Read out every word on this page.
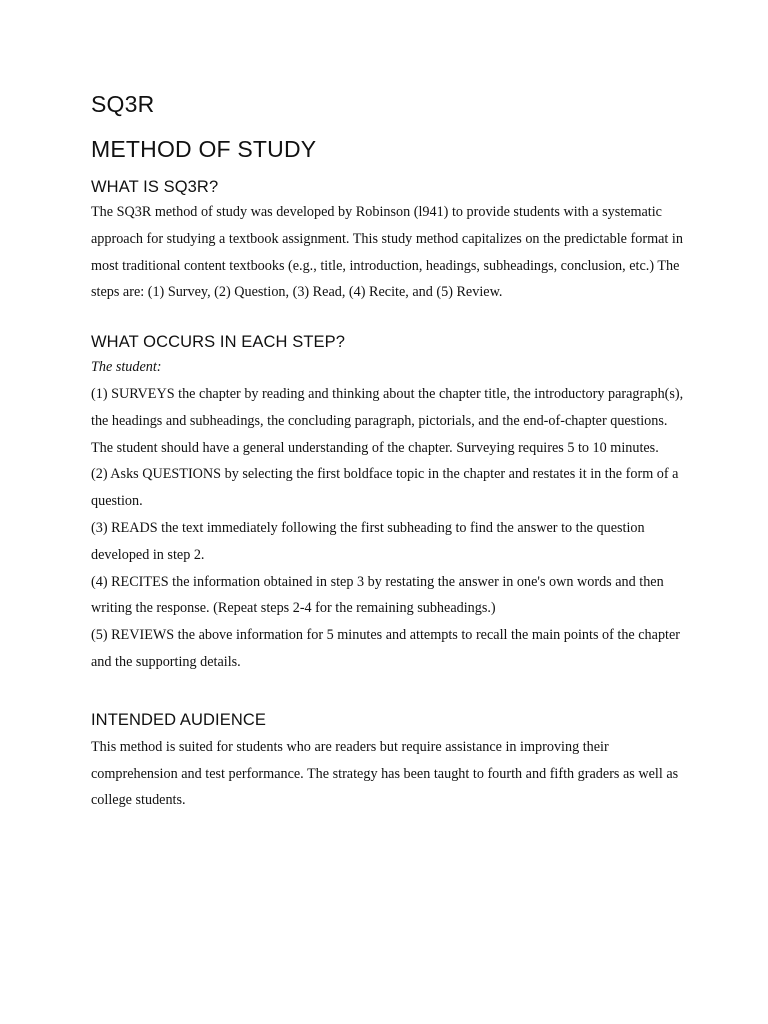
SQ3R
METHOD OF STUDY
WHAT IS SQ3R?

The SQ3R method of study was developed by Robinson (l941) to provide students with a systematic approach for studying a textbook assignment. This study method capitalizes on the predictable format in most traditional content textbooks (e.g., title, introduction, headings, subheadings, conclusion, etc.) The steps are: (1) Survey, (2) Question, (3) Read, (4) Recite, and (5) Review.

WHAT OCCURS IN EACH STEP?

The student:

(1) SURVEYS the chapter by reading and thinking about the chapter title, the introductory paragraph(s), the headings and subheadings, the concluding paragraph, pictorials, and the end-of-chapter questions. The student should have a general understanding of the chapter. Surveying requires 5 to 10 minutes.

(2) Asks QUESTIONS by selecting the first boldface topic in the chapter and restates it in the form of a question.

(3) READS the text immediately following the first subheading to find the answer to the question developed in step 2.

(4) RECITES the information obtained in step 3 by restating the answer in one's own words and then writing the response. (Repeat steps 2-4 for the remaining subheadings.)

(5) REVIEWS the above information for 5 minutes and attempts to recall the main points of the chapter and the supporting details.

INTENDED AUDIENCE

This method is suited for students who are readers but require assistance in improving their comprehension and test performance. The strategy has been taught to fourth and fifth graders as well as college students.
